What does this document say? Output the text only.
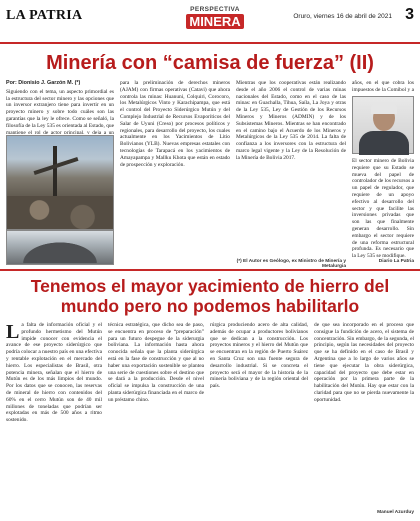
LA PATRIA	PERSPECTIVA
MINERA	Oruro, viernes 16 de abril de 2021 3
Minería con “camisa de fuerza” (II)
Por: Dionisio J. Garzón M. (*)
Siguiendo con el tema, un aspecto primordial es la estructura del sector minero y las opciones que un inversor extranjero tiene para invertir en un proyecto minero y sobre todo cuáles son las garantías que la ley le ofrece. Como se señaló, la filosofía de la Ley 535 es orientada al Estado, que mantiene el rol de actor principal, y deja a un
para la preliminación de derechos mineros (AJAM) con firmas operativas (Catavi) que ahora controla las minas: Huanuni, Colquiri, Corocoro, los Metalúrgicos Vinto y Karachipampa, que está el control del Proyecto Siderúrgico Mutún y del Complejo Industrial de Recursos Evaporíticos del Salar de Uyuni (Creso) por procesos políticos y regionales, para desarrollo del proyecto, los cuales actualmente en los Yacimientos de Litio Bolivianos (YLB). Nuevas empresas estatales con tecnologías de Tarapacá en los yacimientos de Amayapampa y Mallku Khota que están en estado de prospección y exploración.
Mientras que los cooperativas están realizando desde el año 2006 el control de varias minas nacionales del Estado, como en el caso de las minas: en Guachalla, Tihua, Saíla, La Joya y otras de la Ley 535, Ley de Gestión de los Recursos Mineros y Mineros (ADMIN) y de los Subsistemas Mineros. Mientras se han encontrado en el camino bajo el Acuerdo de los Mineros y Metalúrgicos de la Ley 535 de 2014. La falta de confianza a los inversores con la estructura del marco legal vigente y la Ley de la Resolución de la Minería de Bolivia 2017.
años, en el que cobra los impuestos de la Comibol y a
El sector minero de Bolivia requiere que su Estado se mueva del papel de controlador de los recursos a un papel de regulador, que requiere de un apoyo efectivo al desarrollo del sector y que facilite las inversiones privadas que son las que finalmente generan desarrollo. Sin embargo el sector requiere de una reforma estructural profunda. Es necesario que la Ley 535 se modifique.
(*) El Autor es Geólogo, ex Ministro de Minería y Metalurgia
Diario La Patria
Tenemos el mayor yacimiento de hierro del mundo pero no podemos habilitarlo
L a falta de información oficial y el profundo hermetismo del Mutún impide conocer con evidencia el avance de ese proyecto siderúrgico que podría colocar a nuestro país en una efectiva y rentable explotación en el mercado del hierro. Los especialistas de Brasil, otra potencia minera, señalan que el hierro de Mutún es de los más limpios del mundo. Por los datos que se conocen, las reservas de mineral de hierro con contenidos del 60% en el cerro Mutún son de 40 mil millones de toneladas que podrían ser explotadas en más de 500 años a ritmo sostenido.
técnica estratégica, que dicho sea de paso, se encuentra en proceso de “preparación” para un futuro despegue de la siderurgia boliviana. La información hasta ahora conocida señala que la planta siderúrgica está en la fase de construcción y que al no haber una exportación sostenible se plantea una serie de cuestiones sobre el destino que se dará a la producción. Desde el nivel oficial se impulsa la construcción de una planta siderúrgica financiada en el marco de un préstamo chino.
rúrgica produciendo acero de alta calidad, además de ocupar a productores bolivianos que se dedican a la construcción. Los proyectos mineros y el hierro del Mutún que se encuentran en la región de Puerto Suárez en Santa Cruz son una fuente segura de desarrollo industrial. Si se concreta el proyecto será el mayor de la historia de la minería boliviana y de la región oriental del país.
de que sea incorporado en el proceso que consigue la fundición de acero, el sistema de concentración. Sin embargo, de la segunda, el principio, según las necesidades del proyecto que se ha definido en el caso de Brasil y Argentina que a lo largo de varios años se tiene que ejecutar la obra siderúrgica, capacidad del proyecto que debe estar en operación por la primera parte de la habilitación del Mutún. Hay que estar con la claridad para que no se pierda nuevamente la oportunidad.
Manuel Azurduy
